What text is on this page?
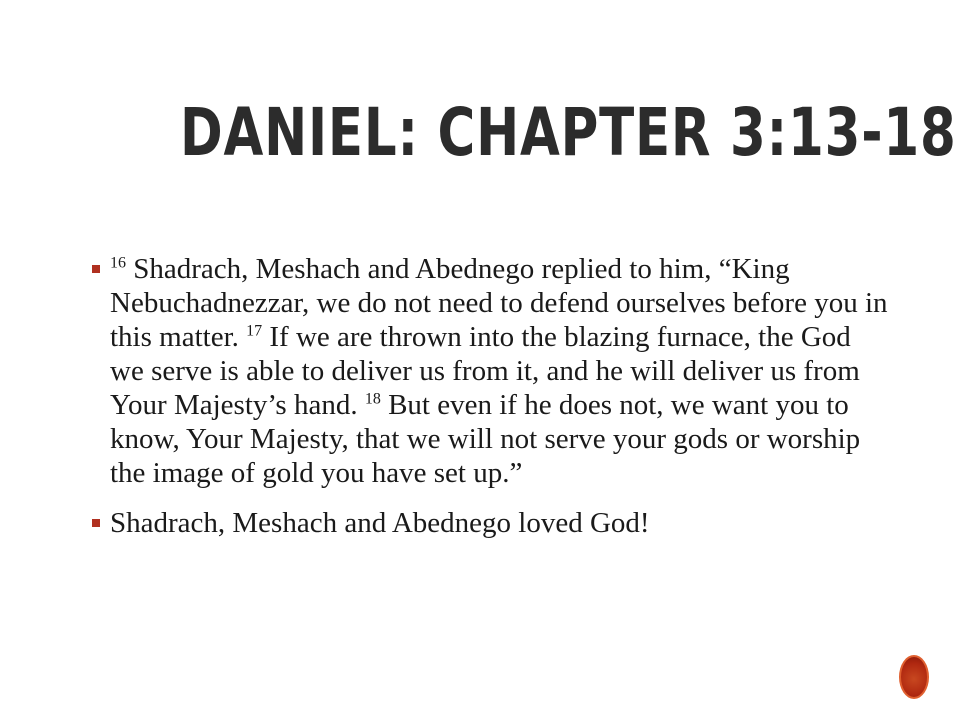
DANIEL: CHAPTER 3:13-18
$^{16}$ Shadrach, Meshach and Abednego replied to him, “King Nebuchadnezzar, we do not need to defend ourselves before you in this matter. $^{17}$ If we are thrown into the blazing furnace, the God we serve is able to deliver us from it, and he will deliver us from Your Majesty’s hand. $^{18}$ But even if he does not, we want you to know, Your Majesty, that we will not serve your gods or worship the image of gold you have set up.”
Shadrach, Meshach and Abednego loved God!
